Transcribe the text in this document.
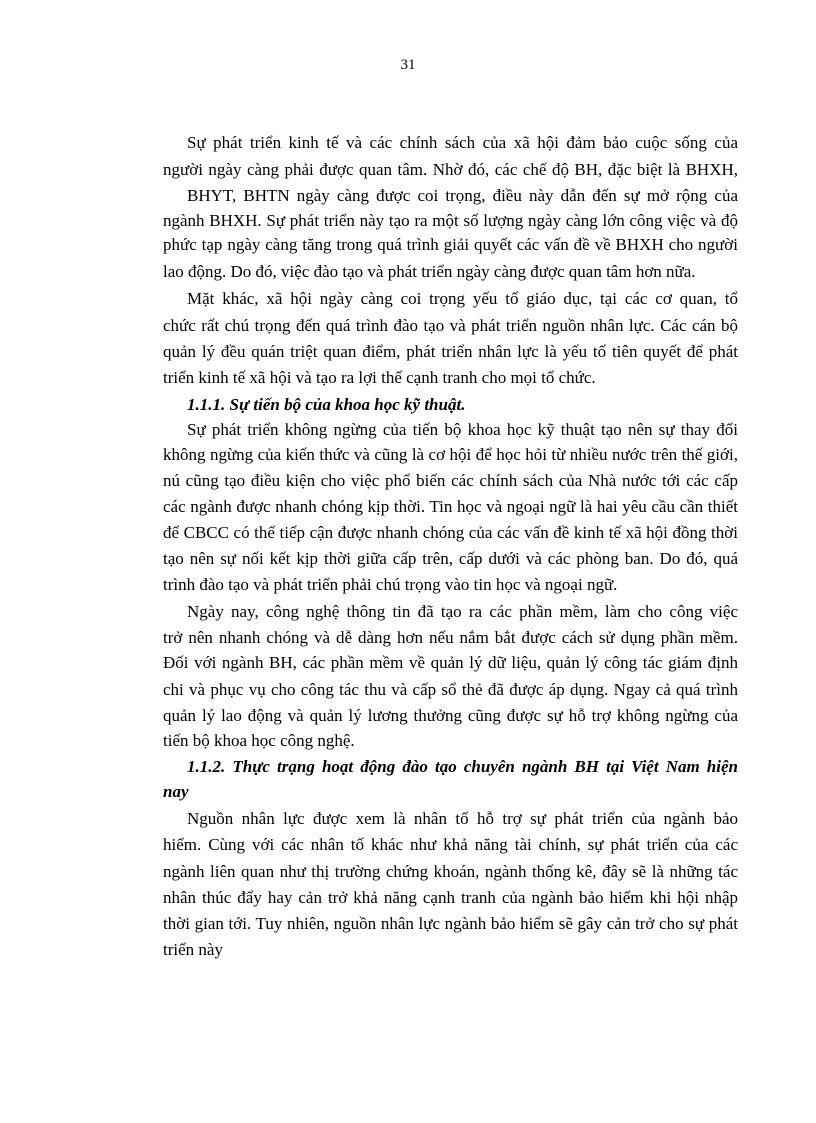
31
Sự phát triển kinh tế và các chính sách của xã hội đảm bảo cuộc sống của
người ngày càng phải được quan tâm. Nhờ đó, các chế độ BH, đặc biệt là BHXH,
BHYT, BHTN ngày càng được coi trọng, điều này dẫn đến sự mở rộng của
ngành BHXH. Sự phát triển này tạo ra một số lượng ngày càng lớn công việc và độ
phức tạp ngày càng tăng trong quá trình giải quyết các vấn đề về BHXH cho người
lao động. Do đó, việc đào tạo và phát triển ngày càng được quan tâm hơn nữa.
Mặt khác, xã hội ngày càng coi trọng yếu tố giáo dục, tại các cơ quan, tổ
chức rất chú trọng đến quá trình đào tạo và phát triển nguồn nhân lực. Các cán bộ
quản lý đều quán triệt quan điểm, phát triển nhân lực là yếu tố tiên quyết để phát
triển kinh tế xã hội và tạo ra lợi thế cạnh tranh cho mọi tổ chức.
1.1.1. Sự tiến bộ của khoa học kỹ thuật.
Sự phát triển không ngừng của tiến bộ khoa học kỹ thuật tạo nên sự thay đổi
không ngừng của kiến thức và cũng là cơ hội để học hỏi từ nhiều nước trên thế giới,
nú cũng tạo điều kiện cho việc phổ biến các chính sách của Nhà nước tới các cấp
các ngành được nhanh chóng kịp thời. Tin học và ngoại ngữ là hai yêu cầu cần thiết
để CBCC có thể tiếp cận được nhanh chóng của các vấn đề kinh tế xã hội đồng thời
tạo nên sự nối kết kịp thời giữa cấp trên, cấp dưới và các phòng ban. Do đó, quá
trình đào tạo và phát triển phải chú trọng vào tin học và ngoại ngữ.
Ngày nay, công nghệ thông tin đã tạo ra các phần mềm, làm cho công việc
trở nên nhanh chóng và dễ dàng hơn nếu nắm bắt được cách sử dụng phần mềm.
Đối với ngành BH, các phần mềm về quản lý dữ liệu, quản lý công tác giám định
chi và phục vụ cho công tác thu và cấp sổ thẻ đã được áp dụng. Ngay cả quá trình
quản lý lao động và quản lý lương thưởng cũng được sự hỗ trợ không ngừng của
tiến bộ khoa học công nghệ.
1.1.2. Thực trạng hoạt động đào tạo chuyên ngành BH tại Việt Nam hiện
nay
Nguồn nhân lực được xem là nhân tố hỗ trợ sự phát triển của ngành bảo
hiểm. Cùng với các nhân tố khác như khả năng tài chính, sự phát triển của các
ngành liên quan như thị trường chứng khoán, ngành thống kê, đây sẽ là những tác
nhân thúc đẩy hay cản trở khả năng cạnh tranh của ngành bảo hiểm khi hội nhập
thời gian tới. Tuy nhiên, nguồn nhân lực ngành bảo hiểm sẽ gây cản trở cho sự phát
triển này
